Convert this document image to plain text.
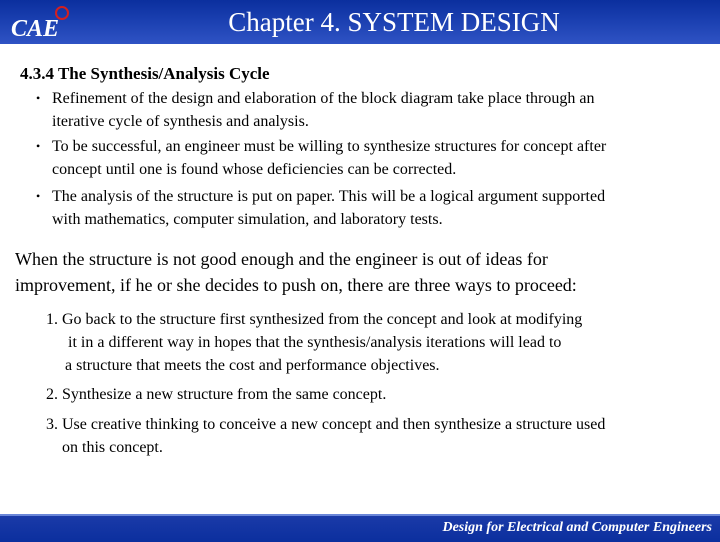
CAE	Chapter 4. SYSTEM DESIGN
4.3.4 The Synthesis/Analysis Cycle
• Refinement of the design and elaboration of the block diagram take place through an
iterative cycle of synthesis and analysis.
• To be successful, an engineer must be willing to synthesize structures for concept after
concept until one is found whose deficiencies can be corrected.
• The analysis of the structure is put on paper. This will be a logical argument supported
with mathematics, computer simulation, and laboratory tests.
When the structure is not good enough and the engineer is out of ideas for
improvement, if he or she decides to push on, there are three ways to proceed:
1. Go back to the structure first synthesized from the concept and look at modifying
it in a different way in hopes that the synthesis/analysis iterations will lead to
a structure that meets the cost and performance objectives.
2. Synthesize a new structure from the same concept.
3. Use creative thinking to conceive a new concept and then synthesize a structure used
on this concept.
Design for Electrical and Computer Engineers
